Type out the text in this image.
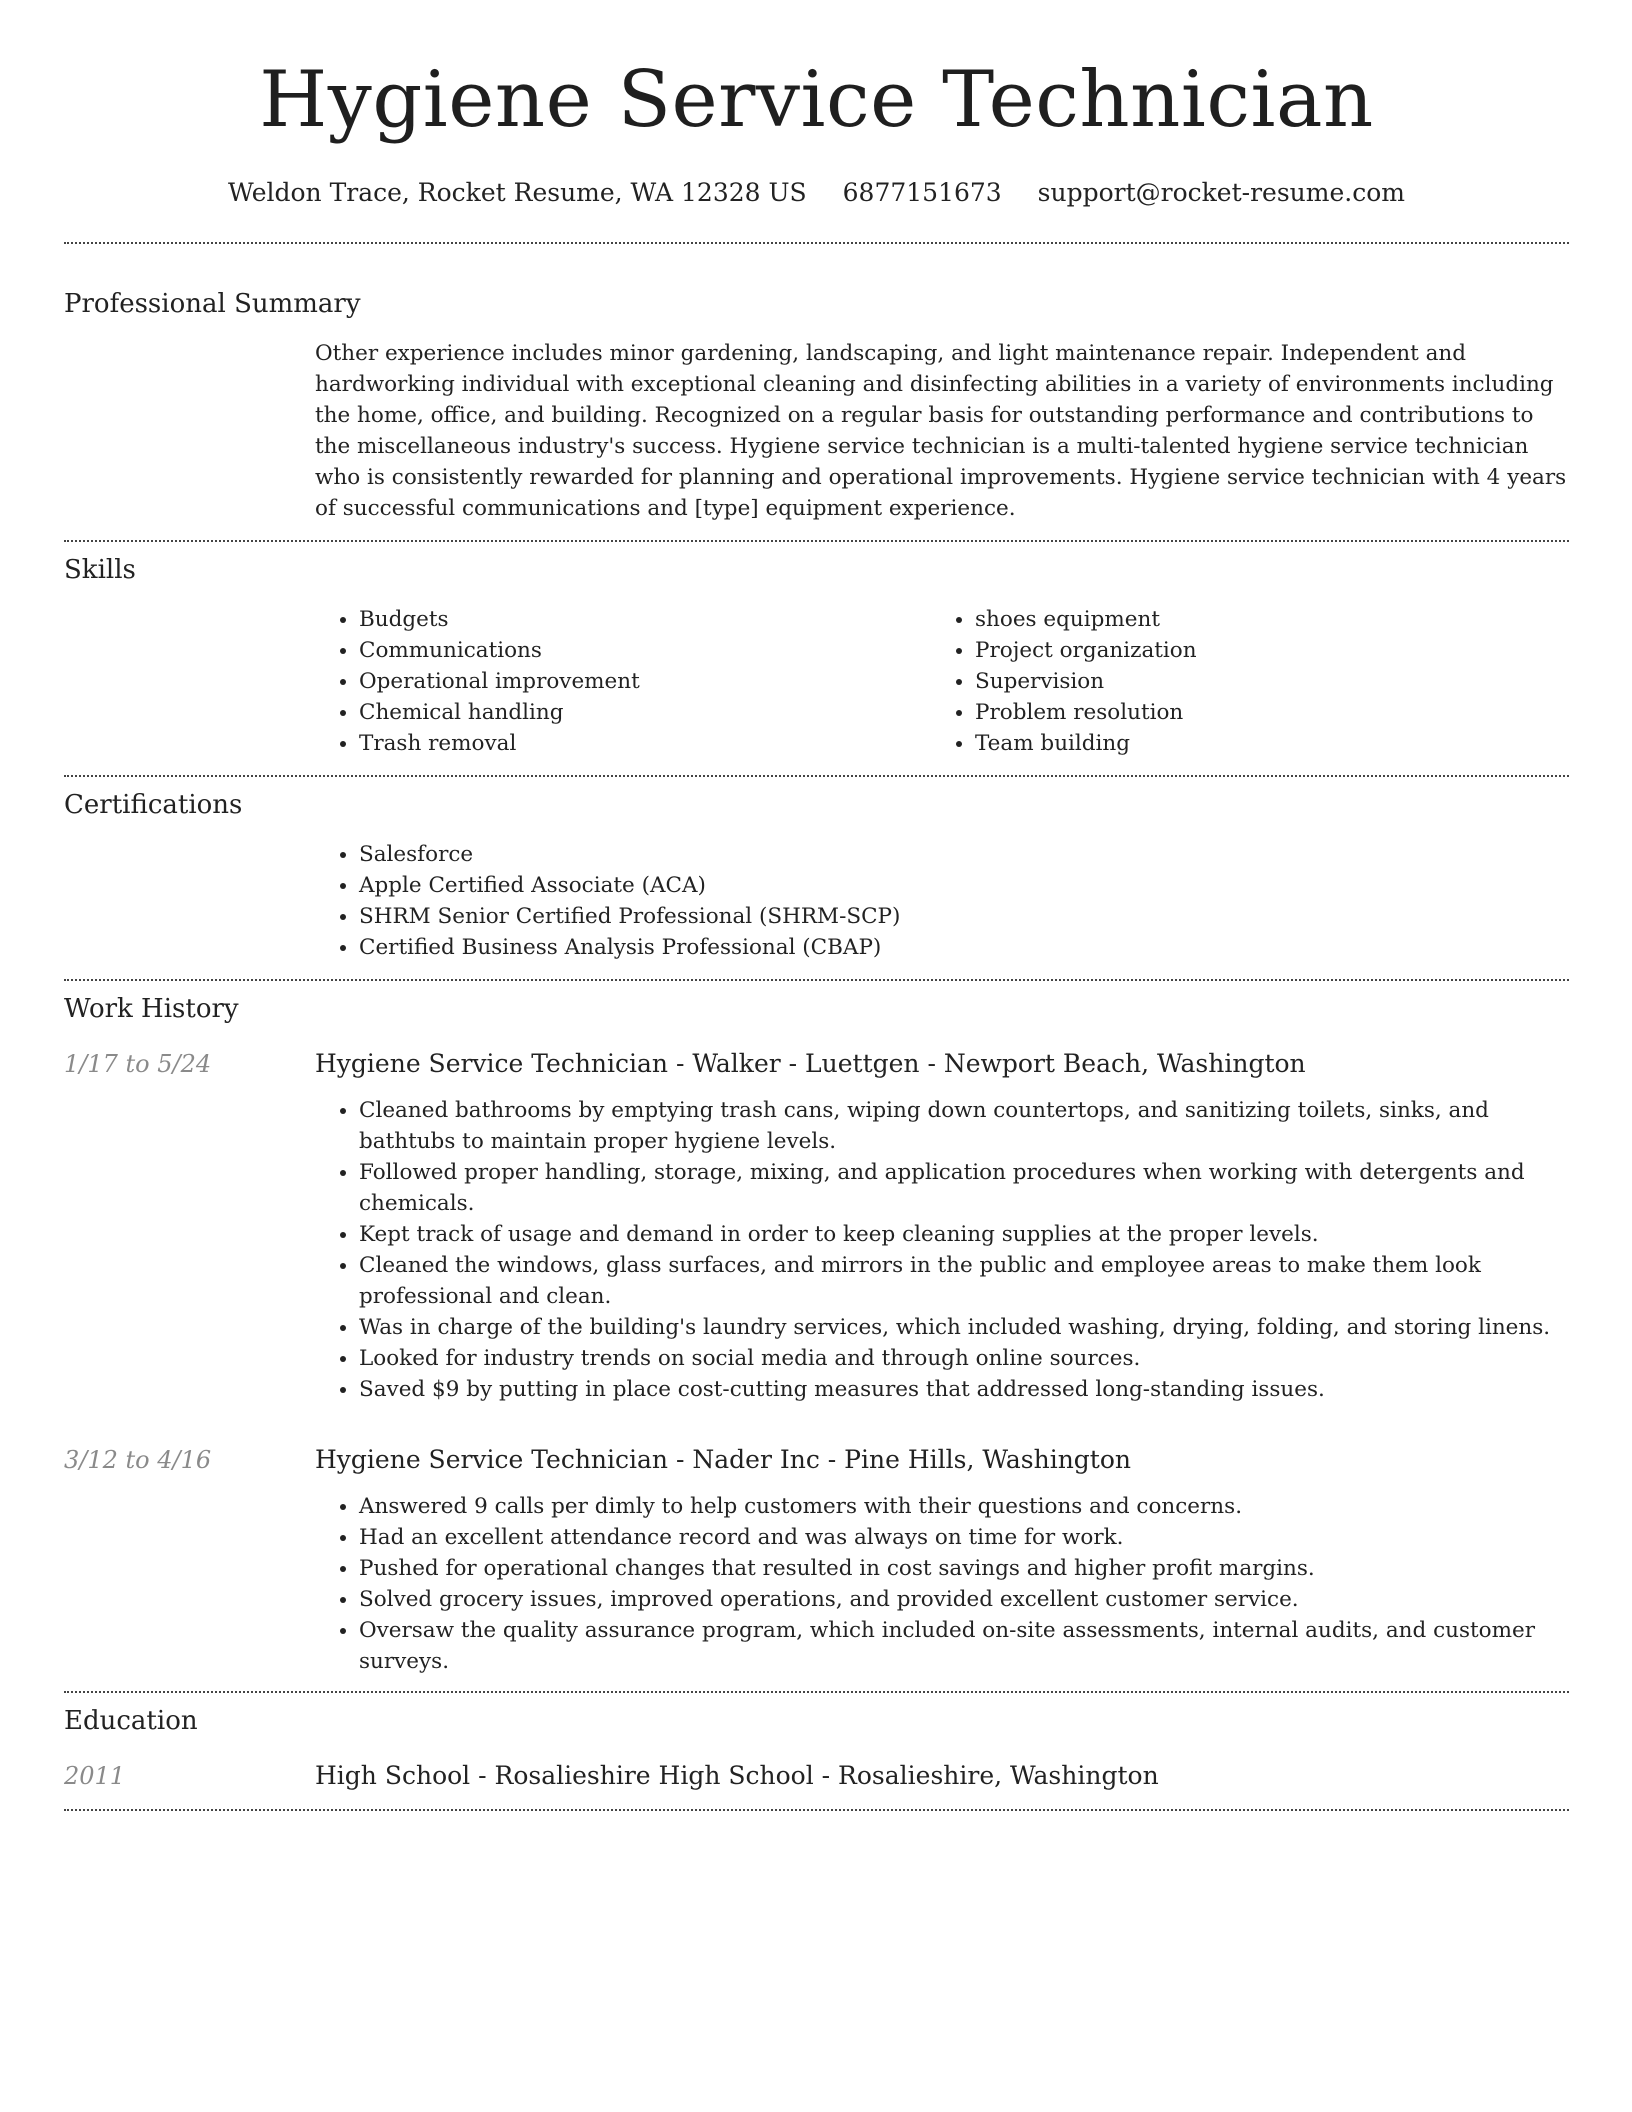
Hygiene Service Technician
Weldon Trace, Rocket Resume, WA 12328 US 6877151673 support@rocket-resume.com
Professional Summary

Other experience includes minor gardening, landscaping, and light maintenance repair. Independent and hardworking individual with exceptional cleaning and disinfecting abilities in a variety of environments including the home, office, and building. Recognized on a regular basis for outstanding performance and contributions to the miscellaneous industry's success. Hygiene service technician is a multi-talented hygiene service technician who is consistently rewarded for planning and operational improvements. Hygiene service technician with 4 years of successful communications and [type] equipment experience.

Skills
• Budgets
• Communications
• Operational improvement
• Chemical handling
• Trash removal
• shoes equipment
• Project organization
• Supervision
• Problem resolution
• Team building
Certifications
• Salesforce
• Apple Certified Associate (ACA)
• SHRM Senior Certified Professional (SHRM-SCP)
• Certified Business Analysis Professional (CBAP)
Work History
1/17 to 5/24	Hygiene Service Technician - Walker - Luettgen - Newport Beach, Washington
• Cleaned bathrooms by emptying trash cans, wiping down countertops, and sanitizing toilets, sinks, and bathtubs to maintain proper hygiene levels.
• Followed proper handling, storage, mixing, and application procedures when working with detergents and chemicals.
• Kept track of usage and demand in order to keep cleaning supplies at the proper levels.
• Cleaned the windows, glass surfaces, and mirrors in the public and employee areas to make them look professional and clean.
• Was in charge of the building's laundry services, which included washing, drying, folding, and storing linens.
• Looked for industry trends on social media and through online sources.
• Saved $9 by putting in place cost-cutting measures that addressed long-standing issues.
3/12 to 4/16	Hygiene Service Technician - Nader Inc - Pine Hills, Washington
• Answered 9 calls per dimly to help customers with their questions and concerns.
• Had an excellent attendance record and was always on time for work.
• Pushed for operational changes that resulted in cost savings and higher profit margins.
• Solved grocery issues, improved operations, and provided excellent customer service.
• Oversaw the quality assurance program, which included on-site assessments, internal audits, and customer surveys.
Education
2011	High School - Rosalieshire High School - Rosalieshire, Washington
